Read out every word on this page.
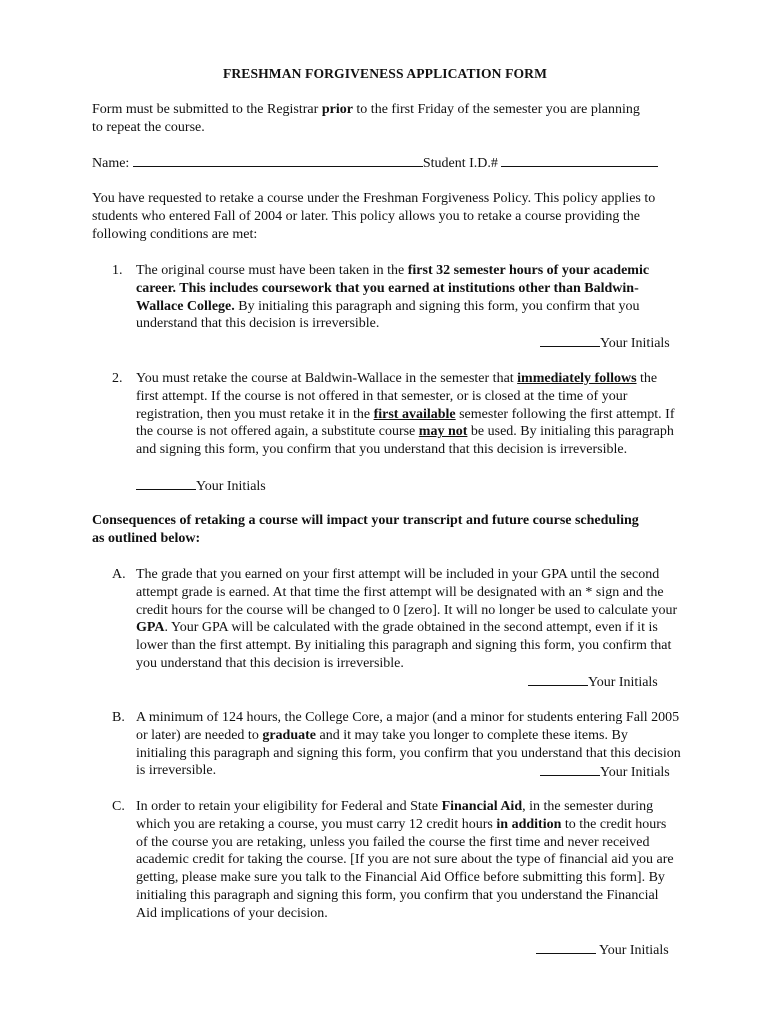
FRESHMAN FORGIVENESS APPLICATION FORM

Form must be submitted to the Registrar prior to the first Friday of the semester you are planning to repeat the course.

Name:	Student I.D.#

You have requested to retake a course under the Freshman Forgiveness Policy. This policy applies to students who entered Fall of 2004 or later. This policy allows you to retake a course providing the following conditions are met:

1. The original course must have been taken in the first 32 semester hours of your academic career. This includes coursework that you earned at institutions other than Baldwin-Wallace College. By initialing this paragraph and signing this form, you confirm that you understand that this decision is irreversible.

Your Initials
2. You must retake the course at Baldwin-Wallace in the semester that immediately follows the first attempt. If the course is not offered in that semester, or is closed at the time of your registration, then you must retake it in the first available semester following the first attempt. If the course is not offered again, a substitute course may not be used. By initialing this paragraph and signing this form, you confirm that you understand that this decision is irreversible.

Your Initials

Consequences of retaking a course will impact your transcript and future course scheduling as outlined below:

A. The grade that you earned on your first attempt will be included in your GPA until the second attempt grade is earned. At that time the first attempt will be designated with an * sign and the credit hours for the course will be changed to 0 [zero]. It will no longer be used to calculate your GPA. Your GPA will be calculated with the grade obtained in the second attempt, even if it is lower than the first attempt. By initialing this paragraph and signing this form, you confirm that you understand that this decision is irreversible.

Your Initials
B. A minimum of 124 hours, the College Core, a major (and a minor for students entering Fall 2005 or later) are needed to graduate and it may take you longer to complete these items. By initialing this paragraph and signing this form, you confirm that you understand that this decision is irreversible.	Your Initials
C. In order to retain your eligibility for Federal and State Financial Aid, in the semester during which you are retaking a course, you must carry 12 credit hours in addition to the credit hours of the course you are retaking, unless you failed the course the first time and never received academic credit for taking the course. [If you are not sure about the type of financial aid you are getting, please make sure you talk to the Financial Aid Office before submitting this form]. By initialing this paragraph and signing this form, you confirm that you understand the Financial Aid implications of your decision.

Your Initials
